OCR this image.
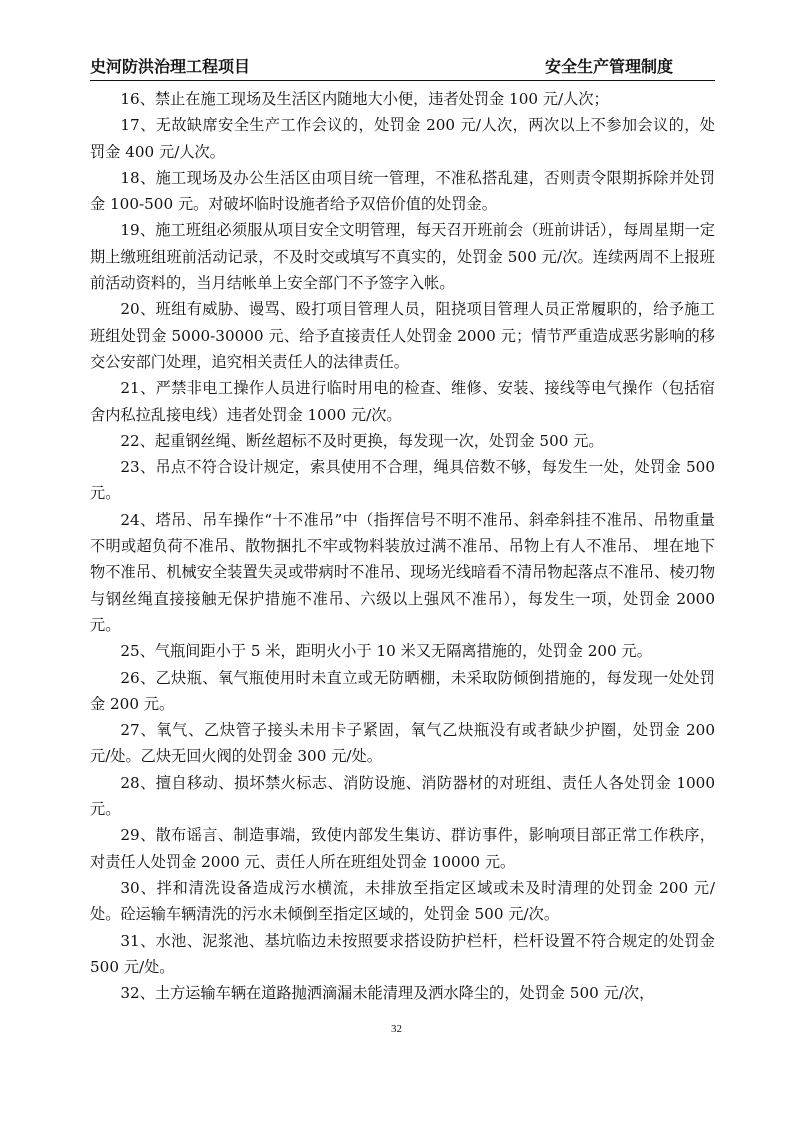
史河防洪治理工程项目	安全生产管理制度

16、禁止在施工现场及生活区内随地大小便，违者处罚金 100 元/人次；

17、无故缺席安全生产工作会议的，处罚金 200 元/人次，两次以上不参加会议的，处罚金 400 元/人次。

18、施工现场及办公生活区由项目统一管理，不准私搭乱建，否则责令限期拆除并处罚金 100-500 元。对破坏临时设施者给予双倍价值的处罚金。

19、施工班组必须服从项目安全文明管理，每天召开班前会（班前讲话），每周星期一定期上缴班组班前活动记录，不及时交或填写不真实的，处罚金 500 元/次。连续两周不上报班前活动资料的，当月结帐单上安全部门不予签字入帐。

20、班组有威胁、谩骂、殴打项目管理人员，阻挠项目管理人员正常履职的，给予施工班组处罚金 5000-30000 元、给予直接责任人处罚金 2000 元；情节严重造成恶劣影响的移交公安部门处理，追究相关责任人的法律责任。

21、严禁非电工操作人员进行临时用电的检查、维修、安装、接线等电气操作（包括宿舍内私拉乱接电线）违者处罚金 1000 元/次。

22、起重钢丝绳、断丝超标不及时更换，每发现一次，处罚金 500 元。

23、吊点不符合设计规定，索具使用不合理，绳具倍数不够，每发生一处，处罚金 500 元。

24、塔吊、吊车操作“十不准吊”中（指挥信号不明不准吊、斜牵斜挂不准吊、吊物重量不明或超负荷不准吊、散物捆扎不牢或物料装放过满不准吊、吊物上有人不准吊、 埋在地下物不准吊、机械安全装置失灵或带病时不准吊、现场光线暗看不清吊物起落点不准吊、棱刃物与钢丝绳直接接触无保护措施不准吊、六级以上强风不准吊），每发生一项，处罚金 2000 元。

25、气瓶间距小于 5 米，距明火小于 10 米又无隔离措施的，处罚金 200 元。

26、乙炔瓶、氧气瓶使用时未直立或无防晒棚，未采取防倾倒措施的，每发现一处处罚金 200 元。

27、氧气、乙炔管子接头未用卡子紧固，氧气乙炔瓶没有或者缺少护圈，处罚金 200 元/处。乙炔无回火阀的处罚金 300 元/处。

28、擅自移动、损坏禁火标志、消防设施、消防器材的对班组、责任人各处罚金 1000 元。

29、散布谣言、制造事端，致使内部发生集访、群访事件，影响项目部正常工作秩序，对责任人处罚金 2000 元、责任人所在班组处罚金 10000 元。

30、拌和清洗设备造成污水横流，未排放至指定区域或未及时清理的处罚金 200 元/处。砼运输车辆清洗的污水未倾倒至指定区域的，处罚金 500 元/次。

31、水池、泥浆池、基坑临边未按照要求搭设防护栏杆，栏杆设置不符合规定的处罚金 500 元/处。

32、土方运输车辆在道路抛洒滴漏未能清理及洒水降尘的，处罚金 500 元/次，

32
